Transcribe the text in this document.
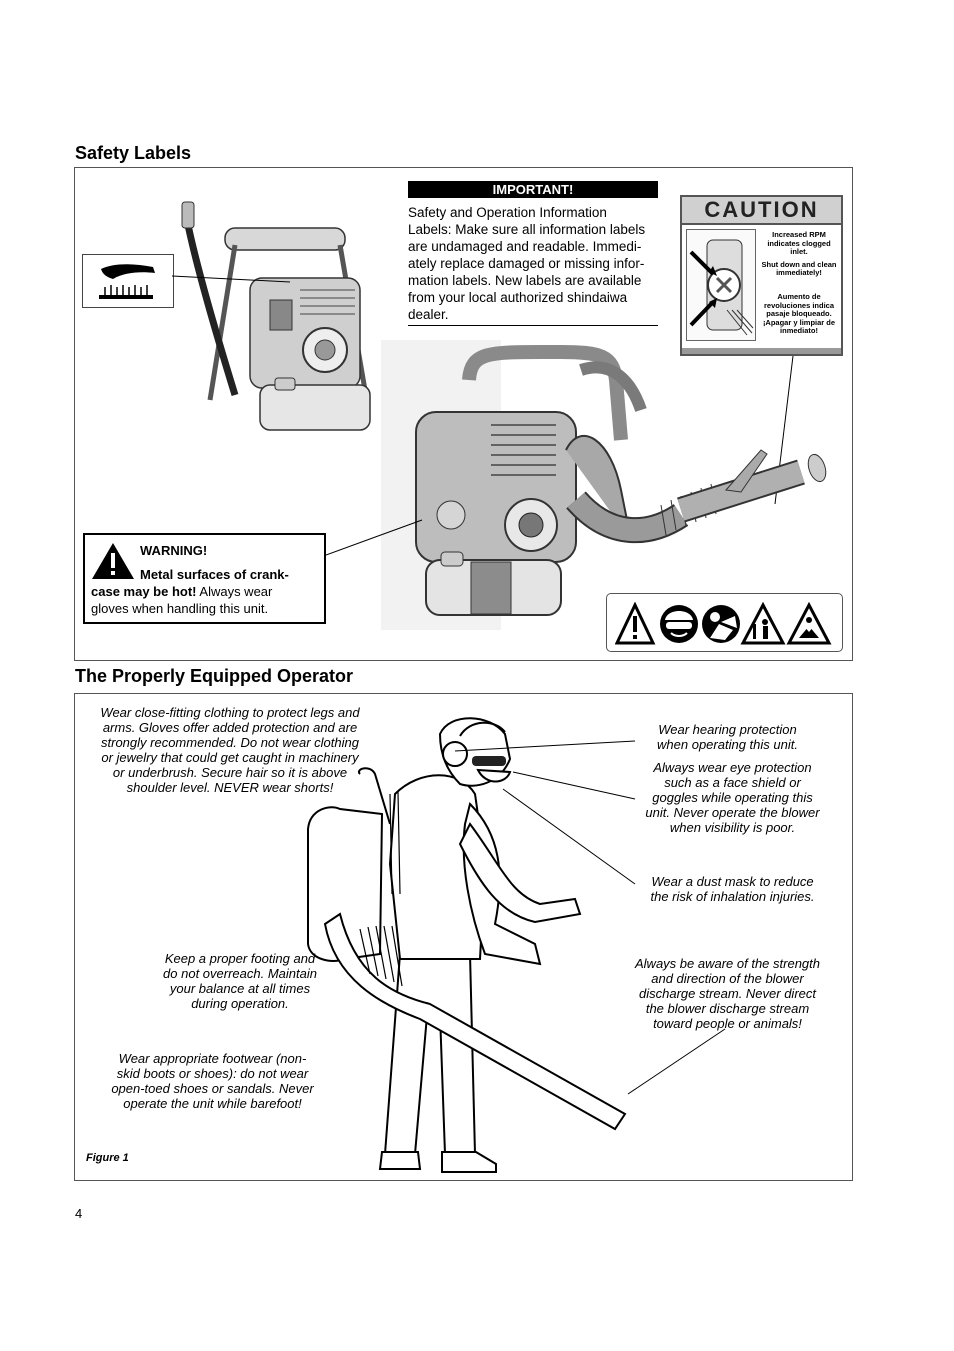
Safety Labels
IMPORTANT!
Safety and Operation Information
Labels: Make sure all information labels
are undamaged and readable. Immedi-
ately replace damaged or missing infor-
mation labels. New labels are available
from your local authorized shindaiwa
dealer.
CAUTION
Increased RPM
indicates clogged
inlet.
Shut down and clean
immediately!
Aumento de
revoluciones indica
pasaje bloqueado.
¡Apagar y limpiar de
inmediato!
WARNING!
Metal surfaces of crank-
case may be hot! Always wear
gloves when handling this unit.
The Properly Equipped Operator
Wear close-fitting clothing to protect legs and
arms. Gloves offer added protection and are
strongly recommended. Do not wear clothing
or jewelry that could get caught in machinery
or underbrush. Secure hair so it is above
shoulder level. NEVER wear shorts!
Keep a proper footing and
do not overreach. Maintain
your balance at all times
during operation.
Wear appropriate footwear (non-
skid boots or shoes): do not wear
open-toed shoes or sandals. Never
operate the unit while barefoot!
Wear hearing protection
when operating this unit.
Always wear eye protection
such as a face shield or
goggles while operating this
unit. Never operate the blower
when visibility is poor.
Wear a dust mask to reduce
the risk of inhalation injuries.
Always be aware of the strength
and direction of the blower
discharge stream. Never direct
the blower discharge stream
toward people or animals!
Figure 1
4
